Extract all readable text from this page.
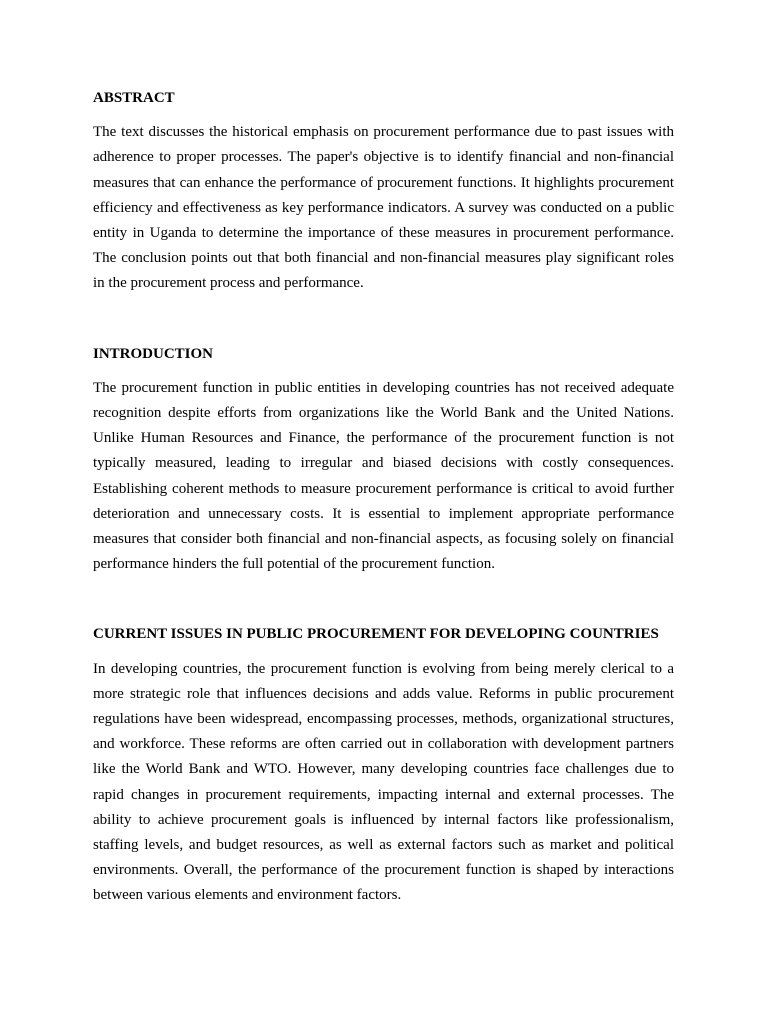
ABSTRACT

The text discusses the historical emphasis on procurement performance due to past issues with adherence to proper processes. The paper's objective is to identify financial and non-financial measures that can enhance the performance of procurement functions. It highlights procurement efficiency and effectiveness as key performance indicators. A survey was conducted on a public entity in Uganda to determine the importance of these measures in procurement performance. The conclusion points out that both financial and non-financial measures play significant roles in the procurement process and performance.

INTRODUCTION

The procurement function in public entities in developing countries has not received adequate recognition despite efforts from organizations like the World Bank and the United Nations. Unlike Human Resources and Finance, the performance of the procurement function is not typically measured, leading to irregular and biased decisions with costly consequences. Establishing coherent methods to measure procurement performance is critical to avoid further deterioration and unnecessary costs. It is essential to implement appropriate performance measures that consider both financial and non-financial aspects, as focusing solely on financial performance hinders the full potential of the procurement function.

CURRENT ISSUES IN PUBLIC PROCUREMENT FOR DEVELOPING COUNTRIES

In developing countries, the procurement function is evolving from being merely clerical to a more strategic role that influences decisions and adds value. Reforms in public procurement regulations have been widespread, encompassing processes, methods, organizational structures, and workforce. These reforms are often carried out in collaboration with development partners like the World Bank and WTO. However, many developing countries face challenges due to rapid changes in procurement requirements, impacting internal and external processes. The ability to achieve procurement goals is influenced by internal factors like professionalism, staffing levels, and budget resources, as well as external factors such as market and political environments. Overall, the performance of the procurement function is shaped by interactions between various elements and environment factors.
